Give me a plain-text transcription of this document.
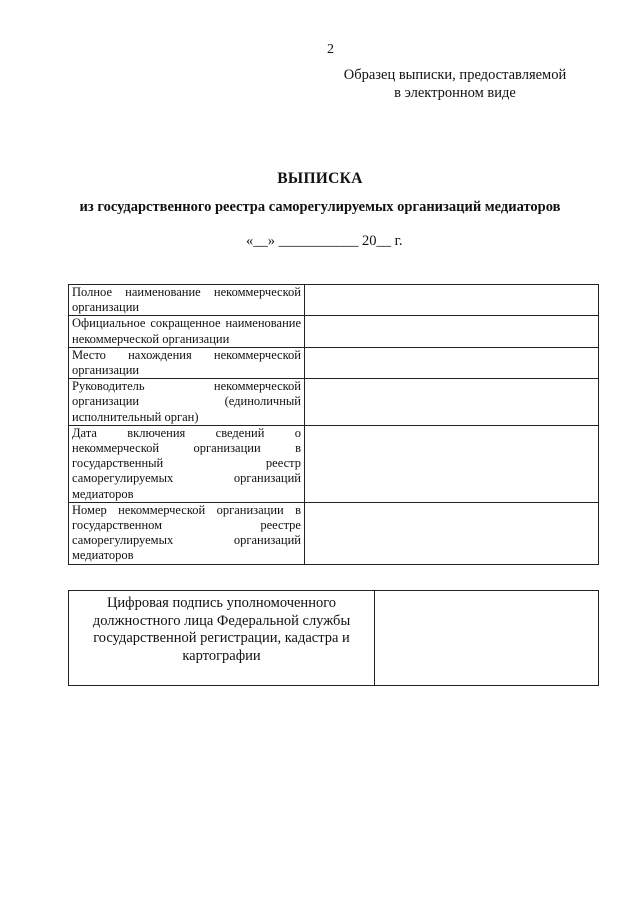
2
Образец выписки, предоставляемой
в электронном виде
ВЫПИСКА
из государственного реестра саморегулируемых организаций медиаторов
«__» ___________ 20__ г.
Полное наименование некоммерческой организации	
Официальное сокращенное наименование некоммерческой организации	
Место нахождения некоммерческой организации	
Руководитель некоммерческой организации (единоличный исполнительный орган)	
Дата включения сведений о некоммерческой организации в государственный реестр саморегулируемых организаций медиаторов	
Номер некоммерческой организации в государственном реестре саморегулируемых организаций медиаторов	
Цифровая подпись уполномоченного должностного лица Федеральной службы государственной регистрации, кадастра и картографии	
